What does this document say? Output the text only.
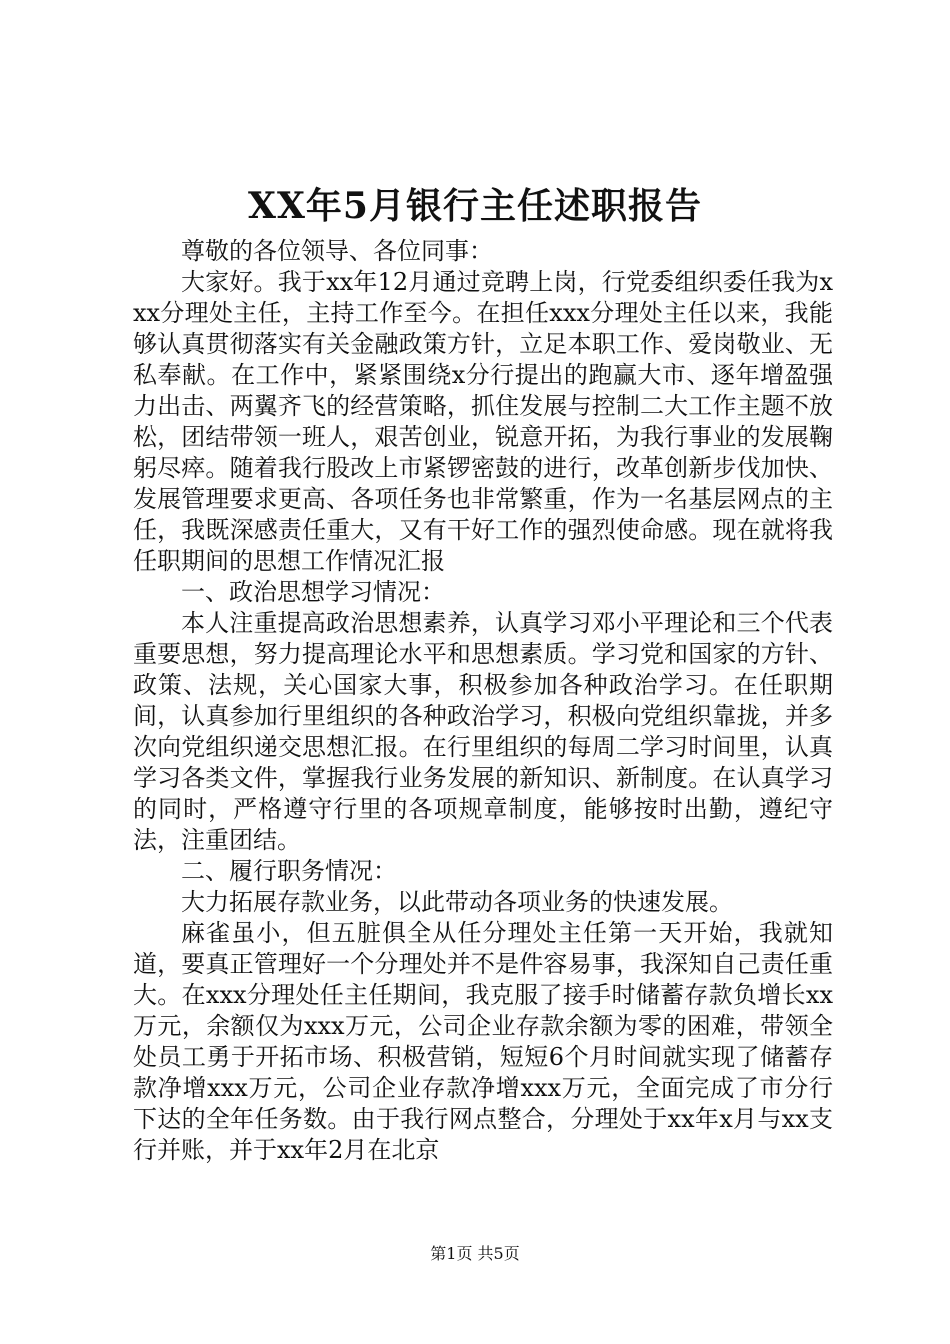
XX年5月银行主任述职报告

尊敬的各位领导、各位同事：

大家好。我于xx年12月通过竞聘上岗，行党委组织委任我为xxx分理处主任，主持工作至今。在担任xxx分理处主任以来，我能够认真贯彻落实有关金融政策方针，立足本职工作、爱岗敬业、无私奉献。在工作中，紧紧围绕x分行提出的跑赢大市、逐年增盈强力出击、两翼齐飞的经营策略，抓住发展与控制二大工作主题不放松，团结带领一班人，艰苦创业，锐意开拓，为我行事业的发展鞠躬尽瘁。随着我行股改上市紧锣密鼓的进行，改革创新步伐加快、发展管理要求更高、各项任务也非常繁重，作为一名基层网点的主任，我既深感责任重大，又有干好工作的强烈使命感。现在就将我任职期间的思想工作情况汇报

一、政治思想学习情况：

本人注重提高政治思想素养，认真学习邓小平理论和三个代表重要思想，努力提高理论水平和思想素质。学习党和国家的方针、政策、法规，关心国家大事，积极参加各种政治学习。在任职期间，认真参加行里组织的各种政治学习，积极向党组织靠拢，并多次向党组织递交思想汇报。在行里组织的每周二学习时间里，认真学习各类文件，掌握我行业务发展的新知识、新制度。在认真学习的同时，严格遵守行里的各项规章制度，能够按时出勤，遵纪守法，注重团结。

二、履行职务情况：

大力拓展存款业务，以此带动各项业务的快速发展。

麻雀虽小，但五脏俱全从任分理处主任第一天开始，我就知道，要真正管理好一个分理处并不是件容易事，我深知自己责任重大。在xxx分理处任主任期间，我克服了接手时储蓄存款负增长xx万元，余额仅为xxx万元，公司企业存款余额为零的困难，带领全处员工勇于开拓市场、积极营销，短短6个月时间就实现了储蓄存款净增xxx万元，公司企业存款净增xxx万元，全面完成了市分行下达的全年任务数。由于我行网点整合，分理处于xx年x月与xx支行并账，并于xx年2月在北京

第1页 共5页
